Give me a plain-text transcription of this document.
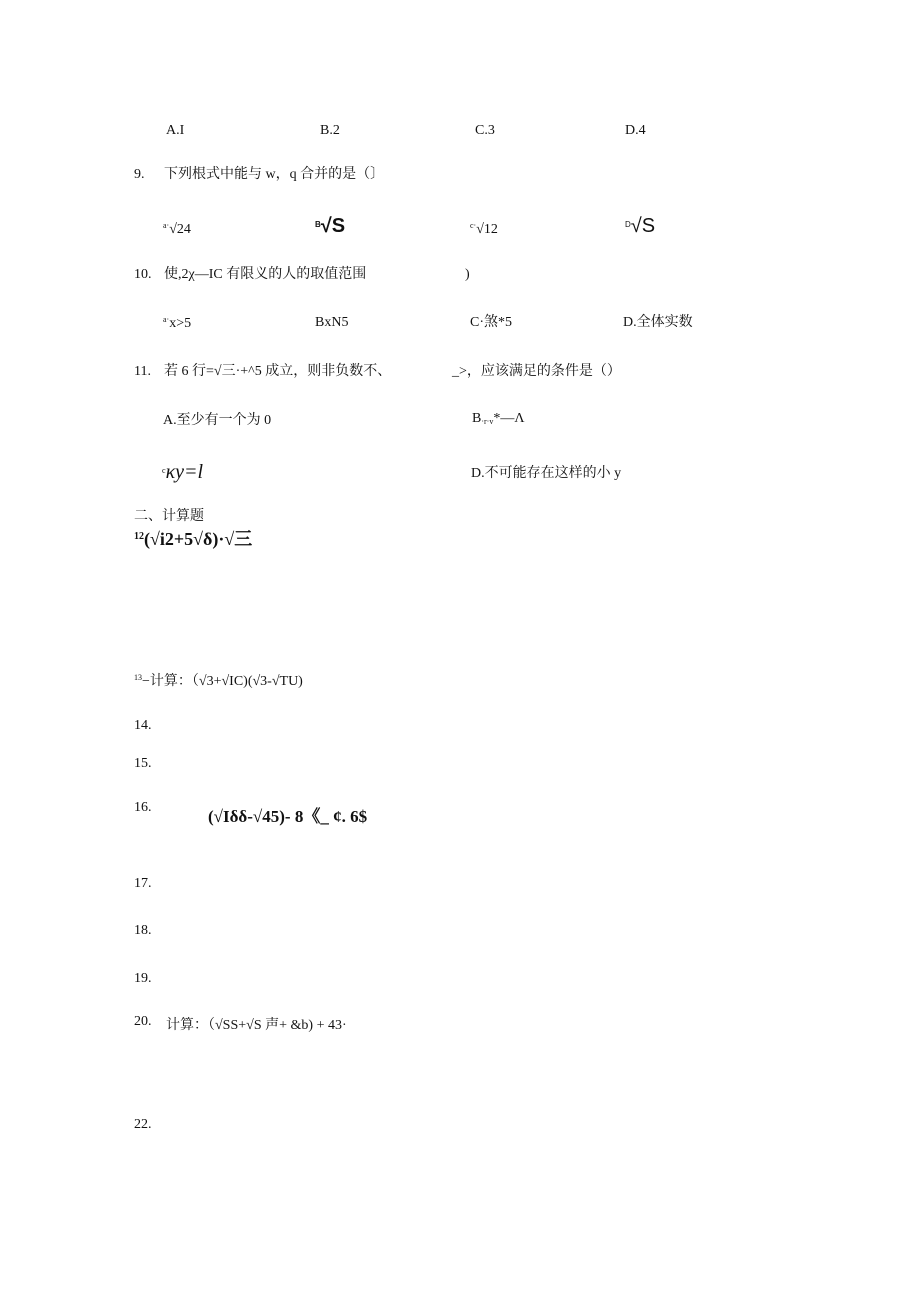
A.I	B.2	C.3	D.4
9. 下列根式中能与 w，q 合并的是（〕
$^{a\cdot}$√24	$^B$√S	$^{c\cdot}$√12	$^D$√S
10. 使,2χ—IC 有限义的人的取值范围	)
$^{a\cdot}$x>5	BxN5	C·煞*5	D.全体实数
11. 若 6 行=√三·+^5 成立，则非负数不、	_>，应该满足的条件是（）
A.至少有一个为 0	B·r·v*—Λ
$^c$κy=l	D.不可能存在这样的小 y
二、计算题
$^{12}$(√i2+5√δ)·√三
$^{13}$−计算：（√3+√IC)(√3-√TU)
14.
15.
16.	(√Iδδ-√45)- 8《_ ¢. 6$
17.
18.
19.
20. 计算：（√SS+√S 声+ &b) + 43·
22.
